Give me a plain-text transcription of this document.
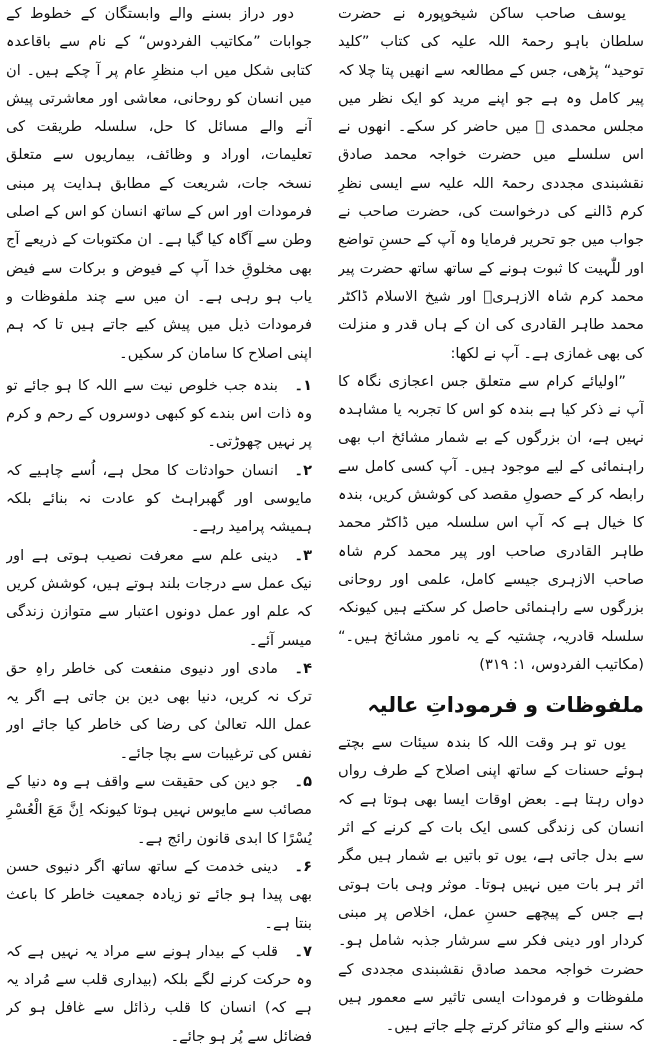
یوسف صاحب ساکن شیخوپورہ نے حضرت سلطان باہو رحمۃ اللہ علیہ کی کتاب ”کلید توحید“ پڑھی، جس کے مطالعہ سے انھیں پتا چلا کہ پیر کامل وہ ہے جو اپنے مرید کو ایک نظر میں مجلس محمدی ﷺ میں حاضر کر سکے۔ انھوں نے اس سلسلے میں حضرت خواجہ محمد صادق نقشبندی مجددی رحمۃ اللہ علیہ سے ایسی نظرِ کرم ڈالنے کی درخواست کی، حضرت صاحب نے جواب میں جو تحریر فرمایا وہ آپ کے حسنِ تواضع اور للّٰہیت کا ثبوت ہونے کے ساتھ ساتھ حضرت پیر محمد کرم شاہ الازہریؒ اور شیخ الاسلام ڈاکٹر محمد طاہر القادری کی ان کے ہاں قدر و منزلت کی بھی غمازی ہے۔ آپ نے لکھا:

”اولیائے کرام سے متعلق جس اعجازی نگاہ کا آپ نے ذکر کیا ہے بندہ کو اس کا تجربہ یا مشاہدہ نہیں ہے، ان بزرگوں کے بے شمار مشائخ اب بھی راہنمائی کے لیے موجود ہیں۔ آپ کسی کامل سے رابطہ کر کے حصولِ مقصد کی کوشش کریں، بندہ کا خیال ہے کہ آپ اس سلسلہ میں ڈاکٹر محمد طاہر القادری صاحب اور پیر محمد کرم شاہ صاحب الازہری جیسے کامل، علمی اور روحانی بزرگوں سے راہنمائی حاصل کر سکتے ہیں کیونکہ سلسلہ قادریہ، چشتیہ کے یہ نامور مشائخ ہیں۔“ (مکاتیب الفردوس، ۱: ۳۱۹)

ملفوظات و فرموداتِ عالیہ

یوں تو ہر وقت اللہ کا بندہ سیئات سے بچتے ہوئے حسنات کے ساتھ اپنی اصلاح کے طرف رواں دواں رہتا ہے۔ بعض اوقات ایسا بھی ہوتا ہے کہ انسان کی زندگی کسی ایک بات کے کرنے کے اثر سے بدل جاتی ہے، یوں تو باتیں بے شمار ہیں مگر اثر ہر بات میں نہیں ہوتا۔ موثر وہی بات ہوتی ہے جس کے پیچھے حسنِ عمل، اخلاص پر مبنی کردار اور دینی فکر سے سرشار جذبہ شامل ہو۔ حضرت خواجہ محمد صادق نقشبندی مجددی کے ملفوظات و فرمودات ایسی تاثیر سے معمور ہیں کہ سننے والے کو متاثر کرتے چلے جاتے ہیں۔

دور دراز بسنے والے وابستگان کے خطوط کے جوابات ”مکاتیب الفردوس“ کے نام سے باقاعدہ کتابی شکل میں اب منظرِ عام پر آ چکے ہیں۔ ان میں انسان کو روحانی، معاشی اور معاشرتی پیش آنے والے مسائل کا حل، سلسلہ طریقت کی تعلیمات، اوراد و وظائف، بیماریوں سے متعلق نسخہ جات، شریعت کے مطابق ہدایت پر مبنی فرمودات اور اس کے ساتھ انسان کو اس کے اصلی وطن سے آگاہ کیا گیا ہے۔ ان مکتوبات کے ذریعے آج بھی مخلوقِ خدا آپ کے فیوض و برکات سے فیض یاب ہو رہی ہے۔ ان میں سے چند ملفوظات و فرمودات ذیل میں پیش کیے جاتے ہیں تا کہ ہم اپنی اصلاح کا سامان کر سکیں۔

۱۔بندہ جب خلوص نیت سے اللہ کا ہو جائے تو وہ ذات اس بندے کو کبھی دوسروں کے رحم و کرم پر نہیں چھوڑتی۔
۲۔انسان حوادثات کا محل ہے، اُسے چاہیے کہ مایوسی اور گھبراہٹ کو عادت نہ بنائے بلکہ ہمیشہ پرامید رہے۔
۳۔دینی علم سے معرفت نصیب ہوتی ہے اور نیک عمل سے درجات بلند ہوتے ہیں، کوشش کریں کہ علم اور عمل دونوں اعتبار سے متوازن زندگی میسر آئے۔
۴۔مادی اور دنیوی منفعت کی خاطر راہِ حق ترک نہ کریں، دنیا بھی دین بن جاتی ہے اگر یہ عمل اللہ تعالیٰ کی رضا کی خاطر کیا جائے اور نفس کی ترغیبات سے بچا جائے۔
۵۔جو دین کی حقیقت سے واقف ہے وہ دنیا کے مصائب سے مایوس نہیں ہوتا کیونکہ اِنَّ مَعَ الْعُسْرِ یُسْرًا کا ابدی قانون رائج ہے۔
۶۔دینی خدمت کے ساتھ ساتھ اگر دنیوی حسن بھی پیدا ہو جائے تو زیادہ جمعیت خاطر کا باعث بنتا ہے۔
۷۔قلب کے بیدار ہونے سے مراد یہ نہیں ہے کہ وہ حرکت کرنے لگے بلکہ (بیداری قلب سے مُراد یہ ہے کہ) انسان کا قلب رذائل سے غافل ہو کر فضائل سے پُر ہو جائے۔
